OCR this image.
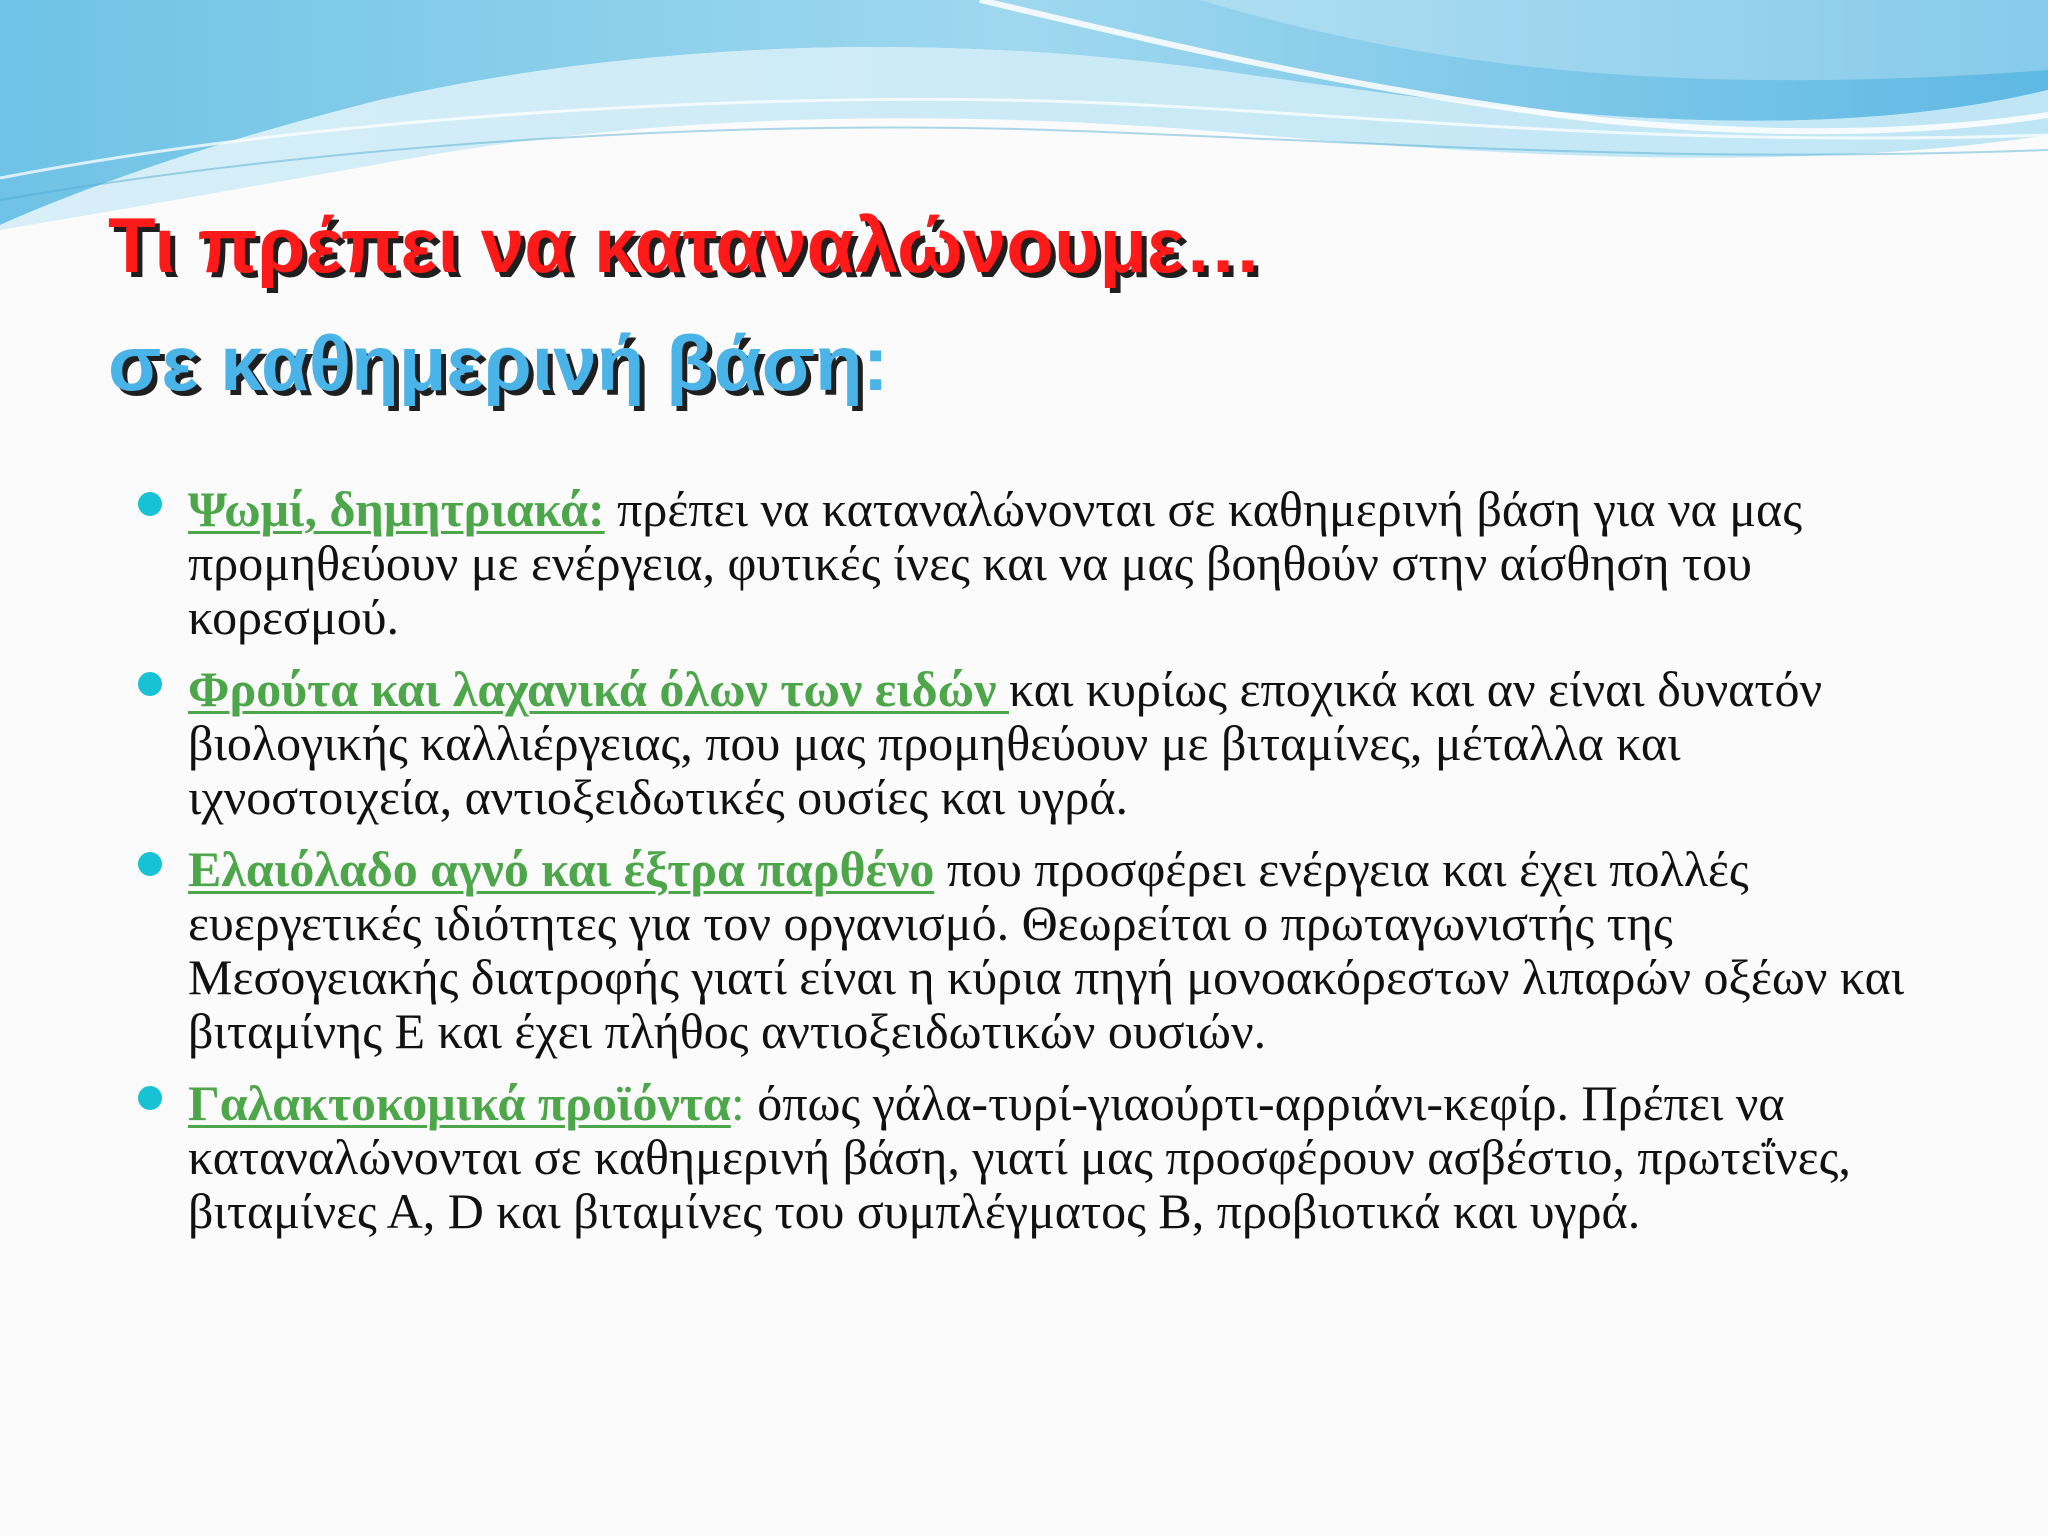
Τι πρέπει να καταναλώνουμε…
σε καθημερινή βάση:
Ψωμί, δημητριακά: πρέπει να καταναλώνονται σε καθημερινή βάση για να μας προμηθεύουν με ενέργεια, φυτικές ίνες και να μας βοηθούν στην αίσθηση του κορεσμού.
Φρούτα και λαχανικά όλων των ειδών και κυρίως εποχικά και αν είναι δυνατόν βιολογικής καλλιέργειας, που μας προμηθεύουν με βιταμίνες, μέταλλα και ιχνοστοιχεία, αντιοξειδωτικές ουσίες και υγρά.
Ελαιόλαδο αγνό και έξτρα παρθένο που προσφέρει ενέργεια και έχει πολλές ευεργετικές ιδιότητες για τον οργανισμό. Θεωρείται ο πρωταγωνιστής της Μεσογειακής διατροφής γιατί είναι η κύρια πηγή μονοακόρεστων λιπαρών οξέων και βιταμίνης Ε και έχει πλήθος αντιοξειδωτικών ουσιών.
Γαλακτοκομικά προϊόντα: όπως γάλα-τυρί-γιαούρτι-αρριάνι-κεφίρ. Πρέπει να καταναλώνονται σε καθημερινή βάση, γιατί μας προσφέρουν ασβέστιο, πρωτεΐνες, βιταμίνες Α, D και βιταμίνες του συμπλέγματος Β, προβιοτικά και υγρά.
